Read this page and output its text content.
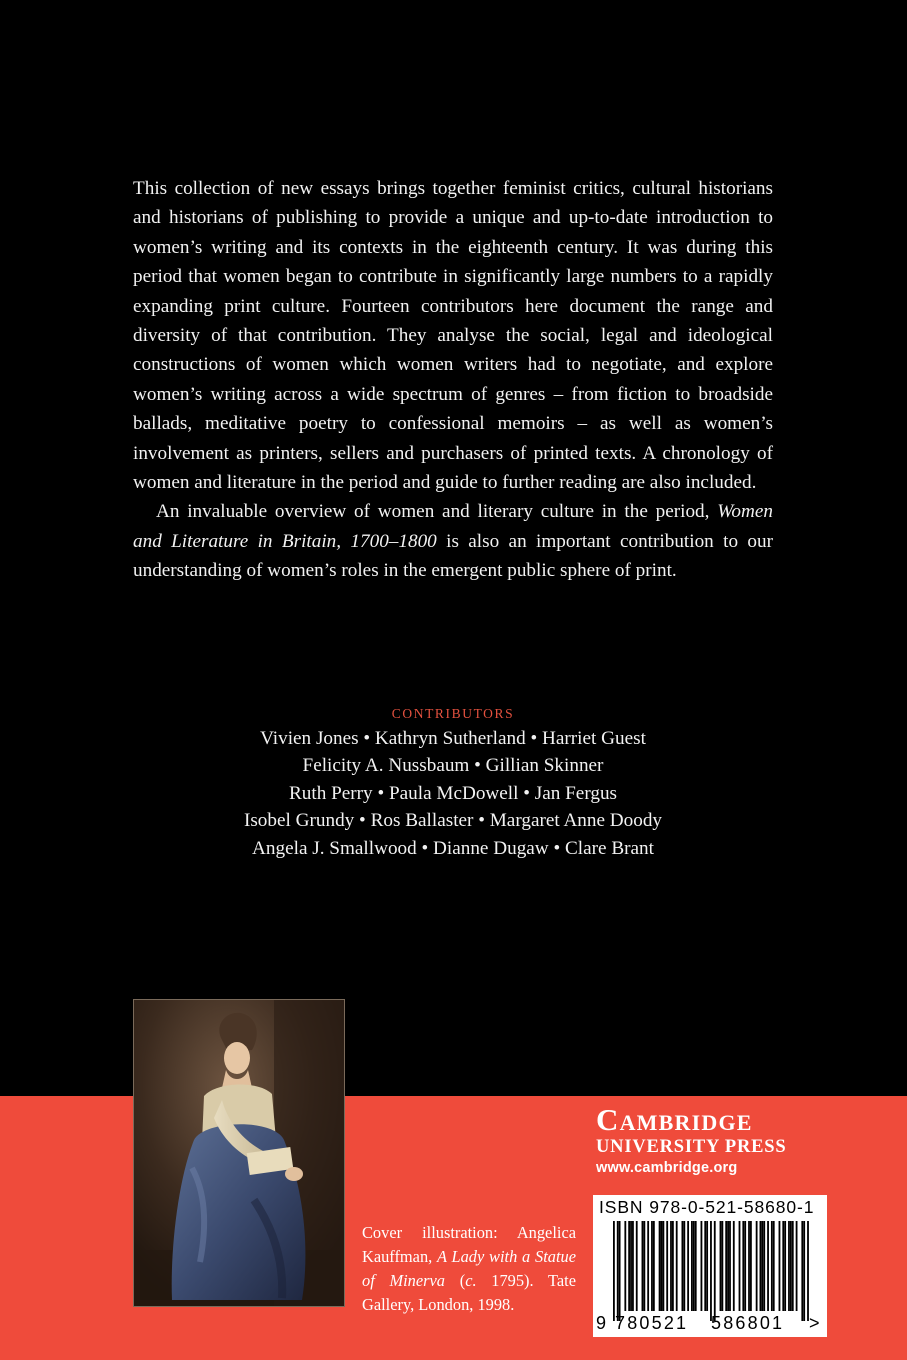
This collection of new essays brings together feminist critics, cultural historians and historians of publishing to provide a unique and up-to-date introduction to women’s writing and its contexts in the eighteenth century. It was during this period that women began to contribute in significantly large numbers to a rapidly expanding print culture. Fourteen contributors here document the range and diversity of that contribution. They analyse the social, legal and ideological constructions of women which women writers had to negotiate, and explore women’s writing across a wide spectrum of genres – from fiction to broadside ballads, meditative poetry to confessional memoirs – as well as women’s involvement as printers, sellers and purchasers of printed texts. A chronology of women and literature in the period and guide to further reading are also included.

An invaluable overview of women and literary culture in the period, Women and Literature in Britain, 1700–1800 is also an important contribution to our understanding of women’s roles in the emergent public sphere of print.

CONTRIBUTORS
Vivien Jones • Kathryn Sutherland • Harriet Guest
Felicity A. Nussbaum • Gillian Skinner
Ruth Perry • Paula McDowell • Jan Fergus
Isobel Grundy • Ros Ballaster • Margaret Anne Doody
Angela J. Smallwood • Dianne Dugaw • Clare Brant

Cover illustration: Angelica Kauffman, A Lady with a Statue of Minerva (c. 1795). Tate Gallery, London, 1998.

Cambridge
UNIVERSITY PRESS
www.cambridge.org
ISBN 978-0-521-58680-1
9 780521 586801 >
